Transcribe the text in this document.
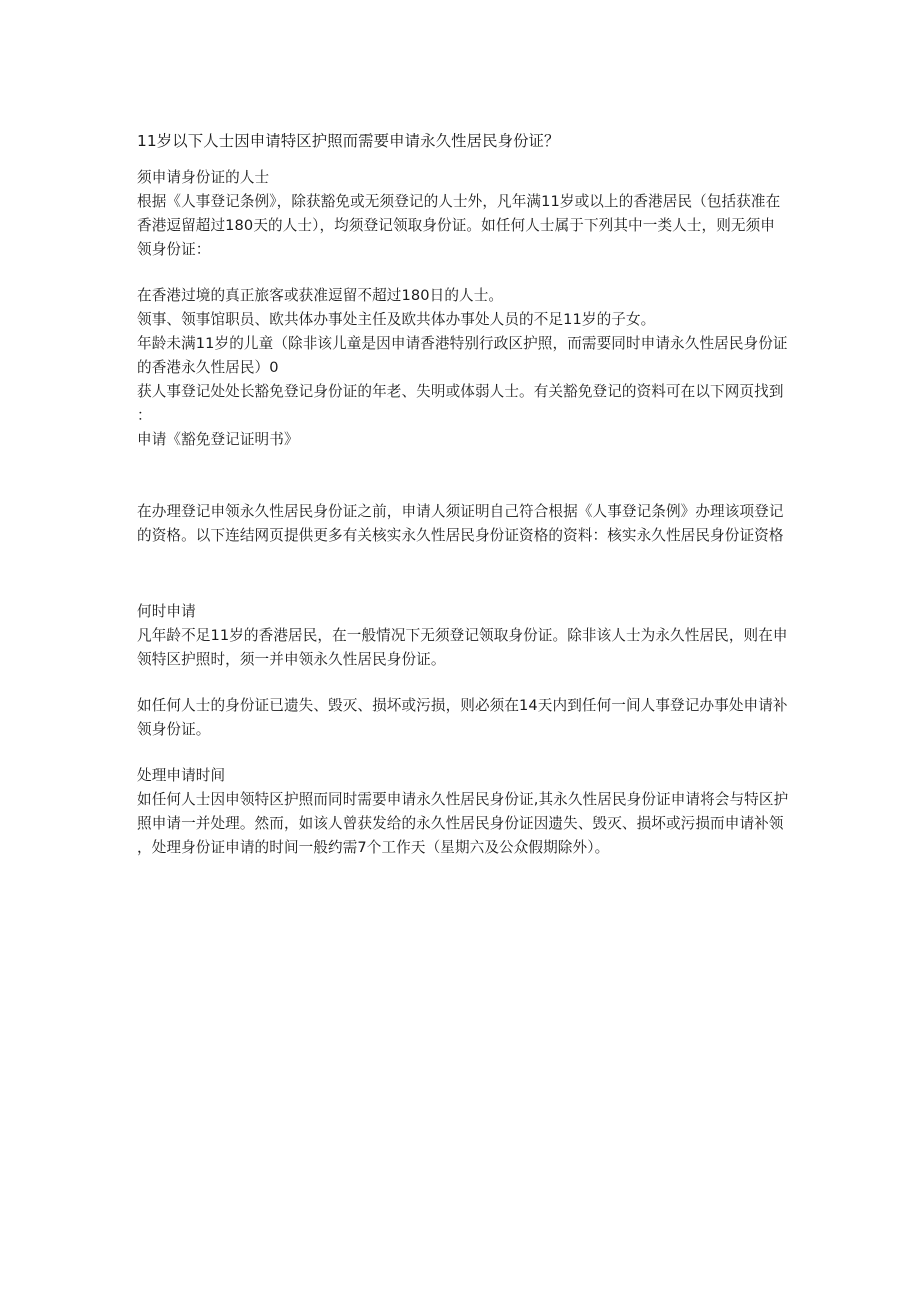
11岁以下人士因申请特区护照而需要申请永久性居民身份证？

须申请身份证的人士

根据《人事登记条例》，除获豁免或无须登记的人士外，凡年满11岁或以上的香港居民（包括获准在香港逗留超过180天的人士），均须登记领取身份证。如任何人士属于下列其中一类人士，则无须申领身份证：

在香港过境的真正旅客或获准逗留不超过180日的人士。

领事、领事馆职员、欧共体办事处主任及欧共体办事处人员的不足11岁的子女。

年龄未满11岁的儿童（除非该儿童是因申请香港特别行政区护照，而需要同时申请永久性居民身份证的香港永久性居民）0

获人事登记处处长豁免登记身份证的年老、失明或体弱人士。有关豁免登记的资料可在以下网页找到：

申请《豁免登记证明书》

在办理登记申领永久性居民身份证之前，申请人须证明自己符合根据《人事登记条例》办理该项登记的资格。以下连结网页提供更多有关核实永久性居民身份证资格的资料：核实永久性居民身份证资格

何时申请

凡年龄不足11岁的香港居民，在一般情况下无须登记领取身份证。除非该人士为永久性居民，则在申领特区护照时，须一并申领永久性居民身份证。

如任何人士的身份证已遗失、毁灭、损坏或污损，则必须在14天内到任何一间人事登记办事处申请补领身份证。

处理申请时间

如任何人士因申领特区护照而同时需要申请永久性居民身份证,其永久性居民身份证申请将会与特区护照申请一并处理。然而，如该人曾获发给的永久性居民身份证因遗失、毁灭、损坏或污损而申请补领，处理身份证申请的时间一般约需7个工作天（星期六及公众假期除外）。
